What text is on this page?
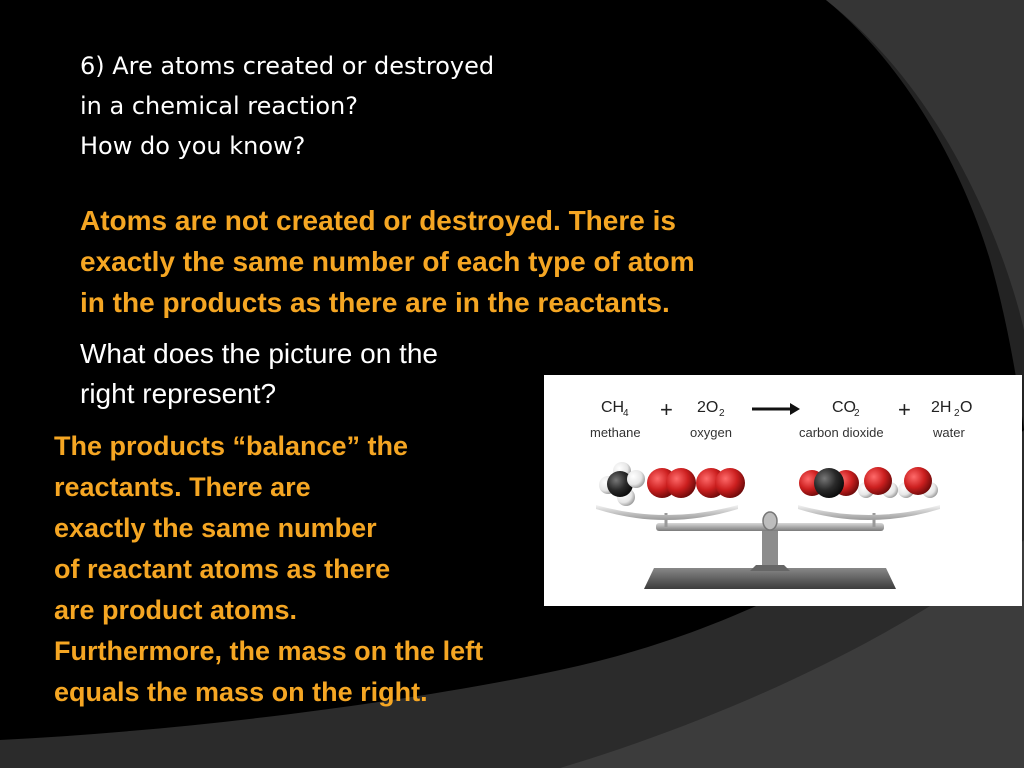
6) Are atoms created or destroyed
in a chemical reaction?
How do you know?
Atoms are not created or destroyed. There is
exactly the same number of each type of atom
in the products as there are in the reactants.
What does the picture on the
right represent?
The products “balance” the
reactants. There are
exactly the same number
of reactant atoms as there
are product atoms.
Furthermore, the mass on the left
equals the mass on the right.
CH
4
methane
+ 2O 2
oxygen
CO
2
carbon dioxide
+ 2H 2 O
water
